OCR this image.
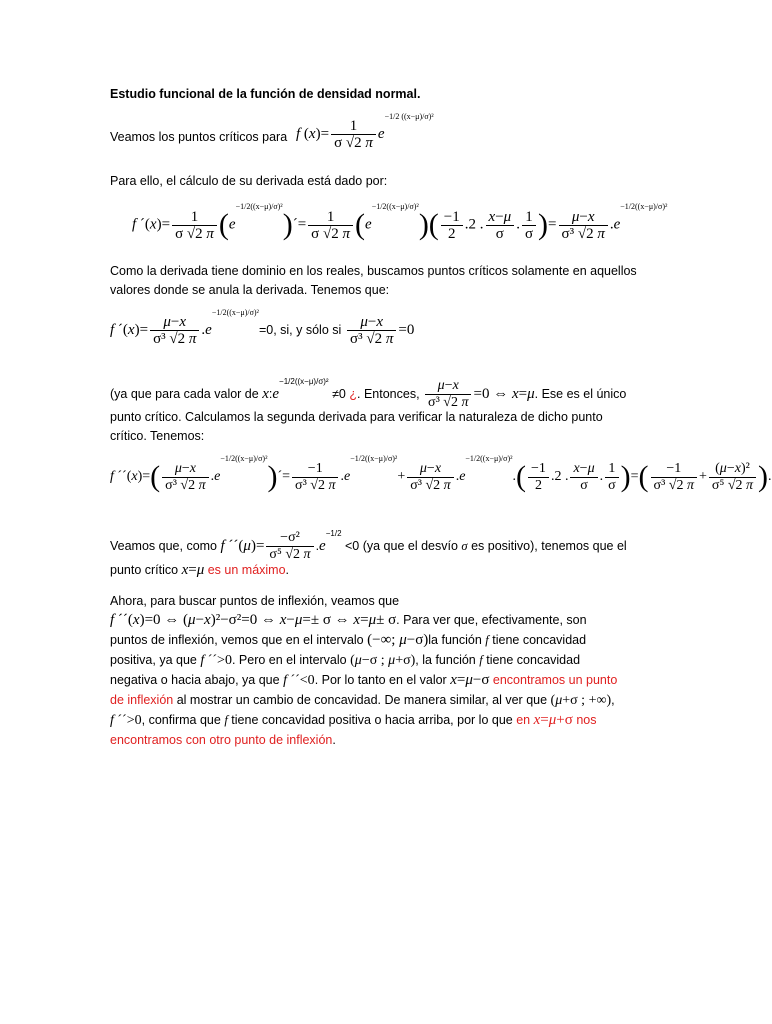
Estudio funcional de la función de densidad normal.
Veamos los puntos críticos para f $(x)= \frac{1}{\sigma √2 \pi} e^{-1/2 ((x-\mu)/\sigma)^2}$
Para ello, el cálculo de su derivada está dado por:
f ´(x)= $\frac{1}{\sigma √2 \pi}$ $(e^{-1/2((x-\mu)/\sigma)^2})´= \frac{1}{\sigma √2 \pi} (e^{-1/2((x-\mu)/\sigma)^2})( \frac{-1}{2} .2$ . $\frac{x-\mu}{\sigma}$ . $\frac{1}{\sigma}$ )= $\frac{\mu-x}{\text{σ³ √2 π}} .e^{-1/2((x-\mu)/\sigma)^2}$
Como la derivada tiene dominio en los reales, buscamos puntos críticos solamente en aquellos
valores donde se anula la derivada. Tenemos que:
f ´(x)= $\frac{\mu-x}{\text{σ³ √2 π}} .e^{-1/2((x-\mu)/\sigma)^2}=0$, si, y sólo si $\frac{\mu-x}{\text{σ³ √2 π}} =0$
(ya que para cada valor de $x:e^{-1/2((x-\mu)/\sigma)^2} \ne 0$ ¿. Entonces, $\frac{\mu-x}{\text{σ³ √2 π}} =0$ ⇔ x=μ. Ese es el único
punto crítico. Calculamos la segunda derivada para verificar la naturaleza de dicho punto
crítico. Tenemos:
f ´´(x)=( $\frac{\mu-x}{\text{σ³ √2 π}}$ $.e^{-1/2((x-\mu)/\sigma)^2})´= \frac{-1}{\text{σ³ √2 π}} .e^{-1/2((x-\mu)/\sigma)^2}+ \frac{\mu-x}{\text{σ³ √2 π}} .e^{-1/2((x-\mu)/\sigma)^2}.( \frac{-1}{2} .2$ . $\frac{x-\mu}{\sigma}$ . $\frac{1}{\sigma}$ )=( $\frac{-1}{\text{σ³ √2 π}} + \frac{\text{(μ−x)²}}{\text{σ⁵ √2 π}}$ ).
Veamos que, como f ´´(μ)= $\frac{\text{−σ²}}{\text{σ⁵ √2 π}} .e^{-1/2} <0$ (ya que el desvío σ es positivo), tenemos que el
punto crítico x=μ es un máximo.
Ahora, para buscar puntos de inflexión, veamos que
f ´´(x)=0 ⇔ (μ−x)²−σ²=0 ⇔ x−μ=± σ ⇔ x=μ± σ. Para ver que, efectivamente, son
puntos de inflexión, vemos que en el intervalo (−∞; μ−σ)la función f tiene concavidad
positiva, ya que f ´´>0. Pero en el intervalo (μ−σ ; μ+σ), la función f tiene concavidad
negativa o hacia abajo, ya que f ´´<0. Por lo tanto en el valor x=μ−σ encontramos un punto
de inflexión al mostrar un cambio de concavidad. De manera similar, al ver que (μ+σ ; +∞),
f ´´>0, confirma que f tiene concavidad positiva o hacia arriba, por lo que en x=μ+σ nos
encontramos con otro punto de inflexión.
